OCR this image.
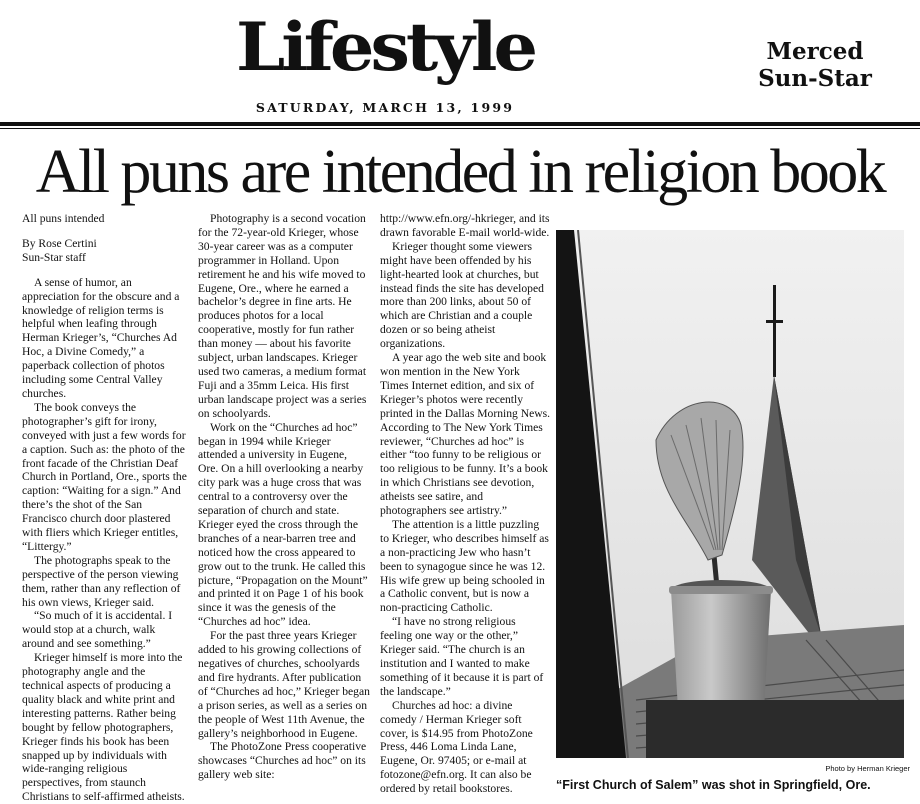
Lifestyle
SATURDAY, MARCH 13, 1999
Merced
Sun-Star
All puns are intended in religion book

All puns intended

By Rose Certini

Sun-Star staff

A sense of humor, an appreciation for the obscure and a knowledge of religion terms is helpful when leafing through Herman Krieger’s, “Churches Ad Hoc, a Divine Comedy,” a paperback collection of photos including some Central Valley churches.

The book conveys the photographer’s gift for irony, conveyed with just a few words for a caption. Such as: the photo of the front facade of the Christian Deaf Church in Portland, Ore., sports the caption: “Waiting for a sign.” And there’s the shot of the San Francisco church door plastered with fliers which Krieger entitles, “Littergy.”

The photographs speak to the perspective of the person viewing them, rather than any reflection of his own views, Krieger said.

“So much of it is accidental. I would stop at a church, walk around and see something.”

Krieger himself is more into the photography angle and the technical aspects of producing a quality black and white print and interesting patterns. Rather being bought by fellow photographers, Krieger finds his book has been snapped up by individuals with wide-ranging religious perspectives, from staunch Christians to self-affirmed atheists.

Photography is a second vocation for the 72-year-old Krieger, whose 30-year career was as a computer programmer in Holland. Upon retirement he and his wife moved to Eugene, Ore., where he earned a bachelor’s degree in fine arts. He produces photos for a local cooperative, mostly for fun rather than money — about his favorite subject, urban landscapes. Krieger used two cameras, a medium format Fuji and a 35mm Leica. His first urban landscape project was a series on schoolyards.

Work on the “Churches ad hoc” began in 1994 while Krieger attended a university in Eugene, Ore. On a hill overlooking a nearby city park was a huge cross that was central to a controversy over the separation of church and state. Krieger eyed the cross through the branches of a near-barren tree and noticed how the cross appeared to grow out to the trunk. He called this picture, “Propagation on the Mount” and printed it on Page 1 of his book since it was the genesis of the “Churches ad hoc” idea.

For the past three years Krieger added to his growing collections of negatives of churches, schoolyards and fire hydrants. After publication of “Churches ad hoc,” Krieger began a prison series, as well as a series on the people of West 11th Avenue, the gallery’s neighborhood in Eugene.

The PhotoZone Press cooperative showcases “Churches ad hoc” on its gallery web site:

http://www.efn.org/-hkrieger, and its drawn favorable E-mail world-wide.

Krieger thought some viewers might have been offended by his light-hearted look at churches, but instead finds the site has developed more than 200 links, about 50 of which are Christian and a couple dozen or so being atheist organizations.

A year ago the web site and book won mention in the New York Times Internet edition, and six of Krieger’s photos were recently printed in the Dallas Morning News. According to The New York Times reviewer, “Churches ad hoc” is either “too funny to be religious or too religious to be funny. It’s a book in which Christians see devotion, atheists see satire, and photographers see artistry.”

The attention is a little puzzling to Krieger, who describes himself as a non-practicing Jew who hasn’t been to synagogue since he was 12. His wife grew up being schooled in a Catholic convent, but is now a non-practicing Catholic.

“I have no strong religious feeling one way or the other,” Krieger said. “The church is an institution and I wanted to make something of it because it is part of the landscape.”

Churches ad hoc: a divine comedy / Herman Krieger soft cover, is $14.95 from PhotoZone Press, 446 Loma Linda Lane, Eugene, Or. 97405; or e-mail at fotozone@efn.org. It can also be ordered by retail bookstores.

Photo by Herman Krieger
“First Church of Salem” was shot in Springfield, Ore.
